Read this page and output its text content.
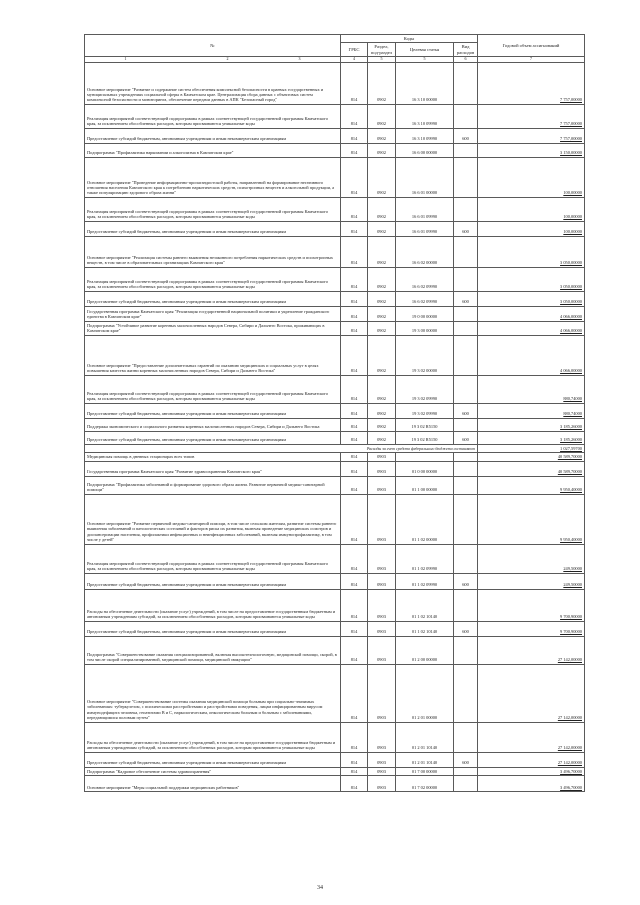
№	Коды				Годовой объем ассигнований
	ГРБС	Раздел, под-раздел	Целевая статья	Вид расходов	
1 2 3	4	5	5	6	7
Основное мероприятие "Развитие и содержание систем обеспечения комплексной безопасности в краевых государственных и муниципальных учреждениях социальной сферы в Камчатском крае. Централизация сбора данных с объектовых систем комплексной безопасности и мониторинга, обеспечение передачи данных в АПК "Безопасный город"	814	0902	16 3 10 00000		7 757,00000
Реализация мероприятий соответствующей подпрограммы в рамках соответствующей государственной программы Камчатского края, за исключением обособленных расходов, которым присваиваются уникальные коды	814	0902	16 3 10 09990		7 757,00000
Предоставление субсидий бюджетным, автономным учреждениям и иным некоммерческим организациям	814	0902	16 3 10 09990	600	7 757,00000
Подпрограмма "Профилактика наркомании и алкоголизма в Камчатском крае"	814	0902	16 6 00 00000		3 150,00000
Основное мероприятие "Проведение информационно-пропагандистской работы, направленной на формирование негативного отношения населения Камчатского края к потреблению наркотических средств, психотропных веществ и алкогольной продукции, а также популяризацию здорового образа жизни"	814	0902	16 6 01 00000		100,00000
Реализация мероприятий соответствующей подпрограммы в рамках соответствующей государственной программы Камчатского края, за исключением обособленных расходов, которым присваиваются уникальные коды	814	0902	16 6 01 09990		100,00000
Предоставление субсидий бюджетным, автономным учреждениям и иным некоммерческим организациям	814	0902	16 6 01 09990	600	100,00000
Основное мероприятие "Реализация системы раннего выявления незаконного потребления наркотических средств и психотропных веществ, в том числе в образовательных организациях Камчатского края"	814	0902	16 6 02 00000		3 050,00000
Реализация мероприятий соответствующей подпрограммы в рамках соответствующей государственной программы Камчатского края, за исключением обособленных расходов, которым присваиваются уникальные коды	814	0902	16 6 02 09990		3 050,00000
Предоставление субсидий бюджетным, автономным учреждениям и иным некоммерческим организациям	814	0902	16 6 02 09990	600	3 050,00000
Государственная программа Камчатского края "Реализация государственной национальной политики и укрепление гражданского единства в Камчатском крае"	814	0902	19 0 00 00000		4 066,00000
Подпрограмма "Устойчивое развитие коренных малочисленных народов Севера, Сибири и Дальнего Востока, проживающих в Камчатском крае"	814	0902	19 3 00 00000		4 066,00000
Основное мероприятие "Предоставление дополнительных гарантий по оказанию медицинских и социальных услуг в целях повышения качества жизни коренных малочисленных народов Севера, Сибири и Дальнего Востока"	814	0902	19 3 02 00000		4 066,00000
Реализация мероприятий соответствующей подпрограммы в рамках соответствующей государственной программы Камчатского края, за исключением обособленных расходов, которым присваиваются уникальные коды	814	0902	19 3 02 09990		880,74000
Предоставление субсидий бюджетным, автономным учреждениям и иным некоммерческим организациям	814	0902	19 3 02 09990	600	880,74000
Поддержка экономического и социального развития коренных малочисленных народов Севера, Сибири и Дальнего Востока	814	0902	19 3 02 R5150		3 185,26000
Предоставление субсидий бюджетным, автономным учреждениям и иным некоммерческим организациям	814	0902	19 3 02 R5150	600	3 185,26000
Расходы за счет средств федерального бюджета составляют					1 027,59700
Медицинская помощь в дневных стационарах всех типов	814	0903			40 589,70000
Государственная программа Камчатского края "Развитие здравоохранения Камчатского края"	814	0903	01 0 00 00000		40 589,70000
Подпрограмма "Профилактика заболеваний и формирование здорового образа жизни. Развитие первичной медико-санитарной помощи"	814	0903	01 1 00 00000		9 950,40000
Основное мероприятие "Развитие первичной медико-санитарной помощи, в том числе сельским жителям, развитие системы раннего выявления заболеваний и патологических состояний и факторов риска их развития, включая проведение медицинских осмотров и диспансеризации населения, профилактики инфекционных и неинфекционных заболеваний, включая иммунопрофилактику, в том числе у детей"	814	0903	01 1 02 00000		9 950,40000
Реализация мероприятий соответствующей подпрограммы в рамках соответствующей государственной программы Камчатского края, за исключением обособленных расходов, которым присваиваются уникальные коды	814	0903	01 1 02 09990		249,50000
Предоставление субсидий бюджетным, автономным учреждениям и иным некоммерческим организациям	814	0903	01 1 02 09990	600	249,50000
Расходы на обеспечение деятельности (оказание услуг) учреждений, в том числе на предоставление государственным бюджетным и автономным учреждениям субсидий, за исключением обособленных расходов, которым присваиваются уникальные коды	814	0903	01 1 02 10140		9 700,90000
Предоставление субсидий бюджетным, автономным учреждениям и иным некоммерческим организациям	814	0903	01 1 02 10140	600	9 700,90000
Подпрограмма "Совершенствование оказания специализированной, включая высокотехнологичную, медицинской помощи, скорой, в том числе скорой специализированной, медицинской помощи, медицинской эвакуации"	814	0903	01 2 00 00000		27 142,00000
Основное мероприятие "Совершенствование системы оказания медицинской помощи больным при социально-значимых заболеваниях: туберкулезом, с психическими расстройствами и расстройствами поведения, лицам инфицированным вирусом иммунодефицита человека, гепатитами В и С, наркологическим, онкологическим больным и больным с заболеваниями, передающимися половым путем"	814	0903	01 2 01 00000		27 142,00000
Расходы на обеспечение деятельности (оказание услуг) учреждений, в том числе на предоставление государственным бюджетным и автономным учреждениям субсидий, за исключением обособленных расходов, которым присваиваются уникальные коды	814	0903	01 2 01 10140		27 142,00000
Предоставление субсидий бюджетным, автономным учреждениям и иным некоммерческим организациям	814	0903	01 2 01 10140	600	27 142,00000
Подпрограмма "Кадровое обеспечение системы здравоохранения"	814	0903	01 7 00 00000		3 496,70000
Основное мероприятие "Меры социальной поддержки медицинских работников"	814	0903	01 7 02 00000		3 496,70000
34
